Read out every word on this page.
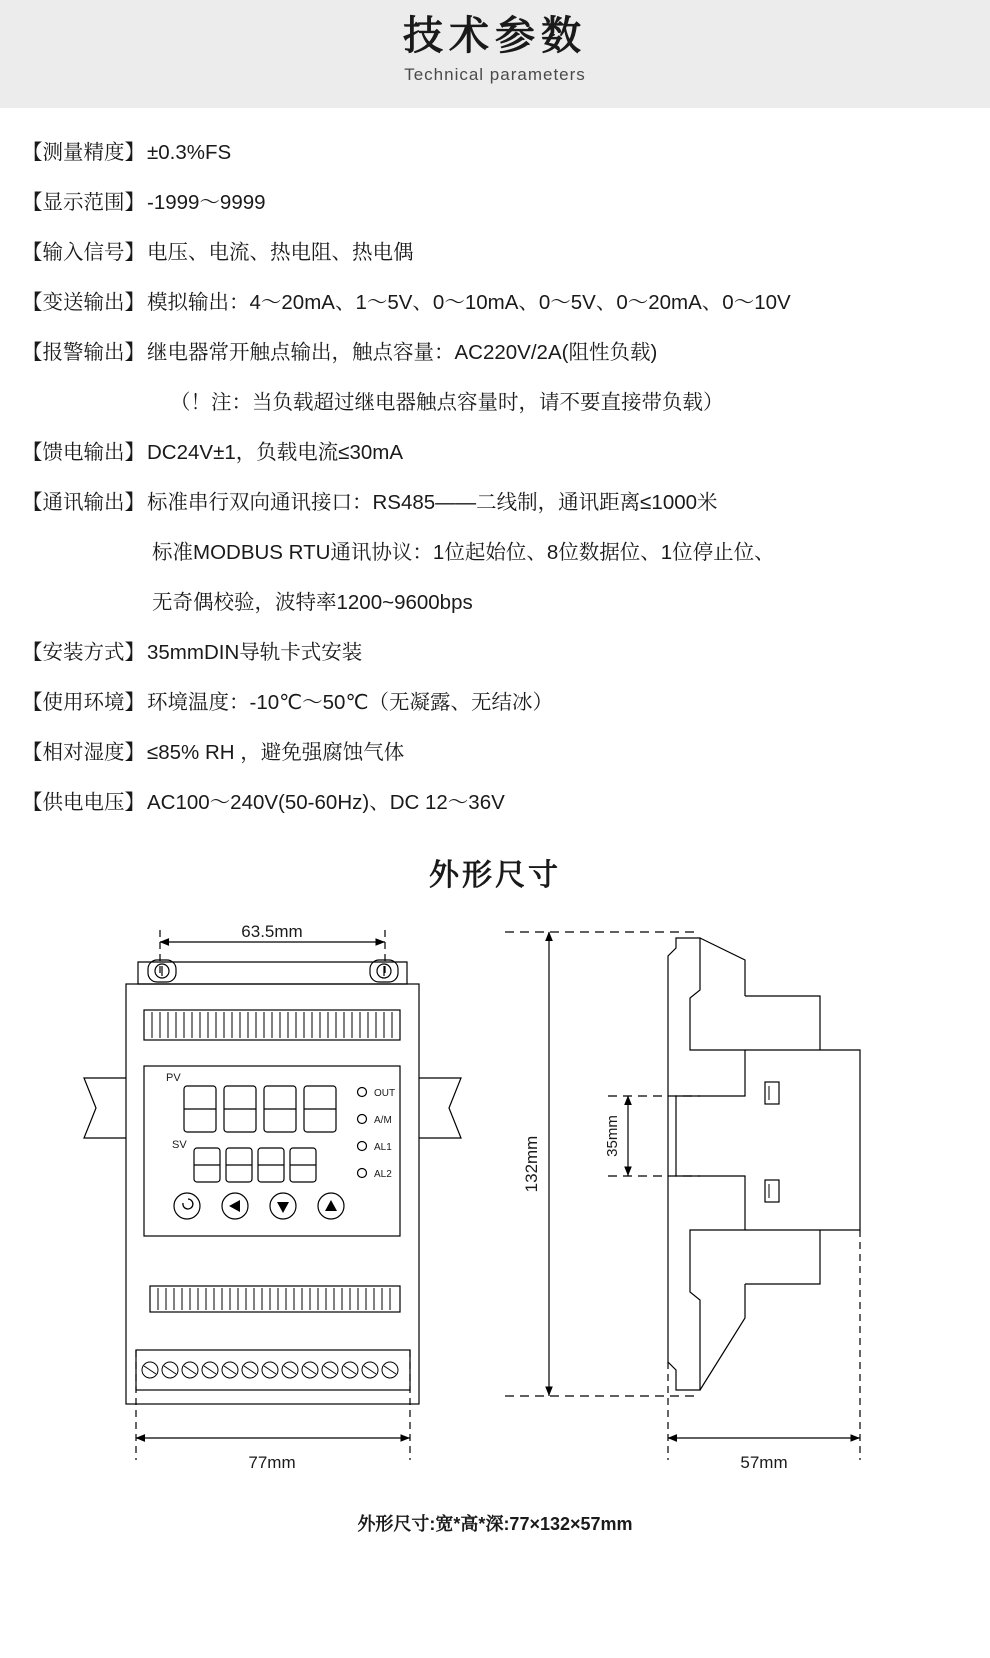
技术参数

Technical parameters

【测量精度】 ±0.3%FS
【显示范围】 -1999～9999
【输入信号】 电压、电流、热电阻、热电偶
【变送输出】 模拟输出：4～20mA、1～5V、0～10mA、0～5V、0～20mA、0～10V
【报警输出】 继电器常开触点输出，触点容量：AC220V/2A(阻性负载)
（！注：当负载超过继电器触点容量时，请不要直接带负载）
【馈电输出】 DC24V±1，负载电流≤30mA
【通讯输出】 标准串行双向通讯接口：RS485——二线制，通讯距离≤1000米
标准MODBUS RTU通讯协议：1位起始位、8位数据位、1位停止位、
无奇偶校验，波特率1200~9600bps
【安装方式】 35mmDIN导轨卡式安装
【使用环境】 环境温度：-10℃～50℃（无凝露、无结冰）
【相对湿度】 ≤85% RH ，避免强腐蚀气体
【供电电压】 AC100～240V(50-60Hz)、DC 12～36V
外形尺寸
63.5mm
77mm
132mm	35mm
57mm
PV
SV
OUT
A/M
AL1
AL2
外形尺寸:宽*高*深:77×132×57mm
